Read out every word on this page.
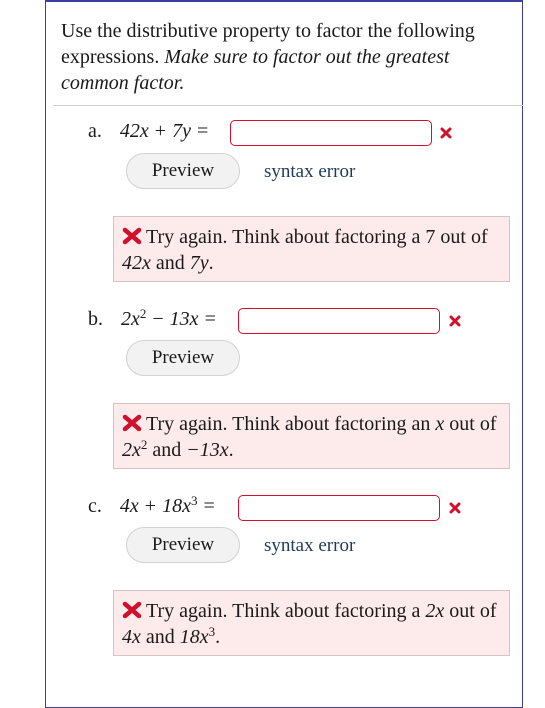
Use the distributive property to factor the following expressions. Make sure to factor out the greatest common factor.
a. 42x + 7y =
Preview	syntax error
Try again. Think about factoring a 7 out of 42x and 7y.
b. $2x^2 - 13x$ =
Preview
Try again. Think about factoring an x out of $2x^2$ and −13x.
c. $4x + 18x^3$ =
Preview	syntax error
Try again. Think about factoring a 2x out of 4x and $18x^3$.
